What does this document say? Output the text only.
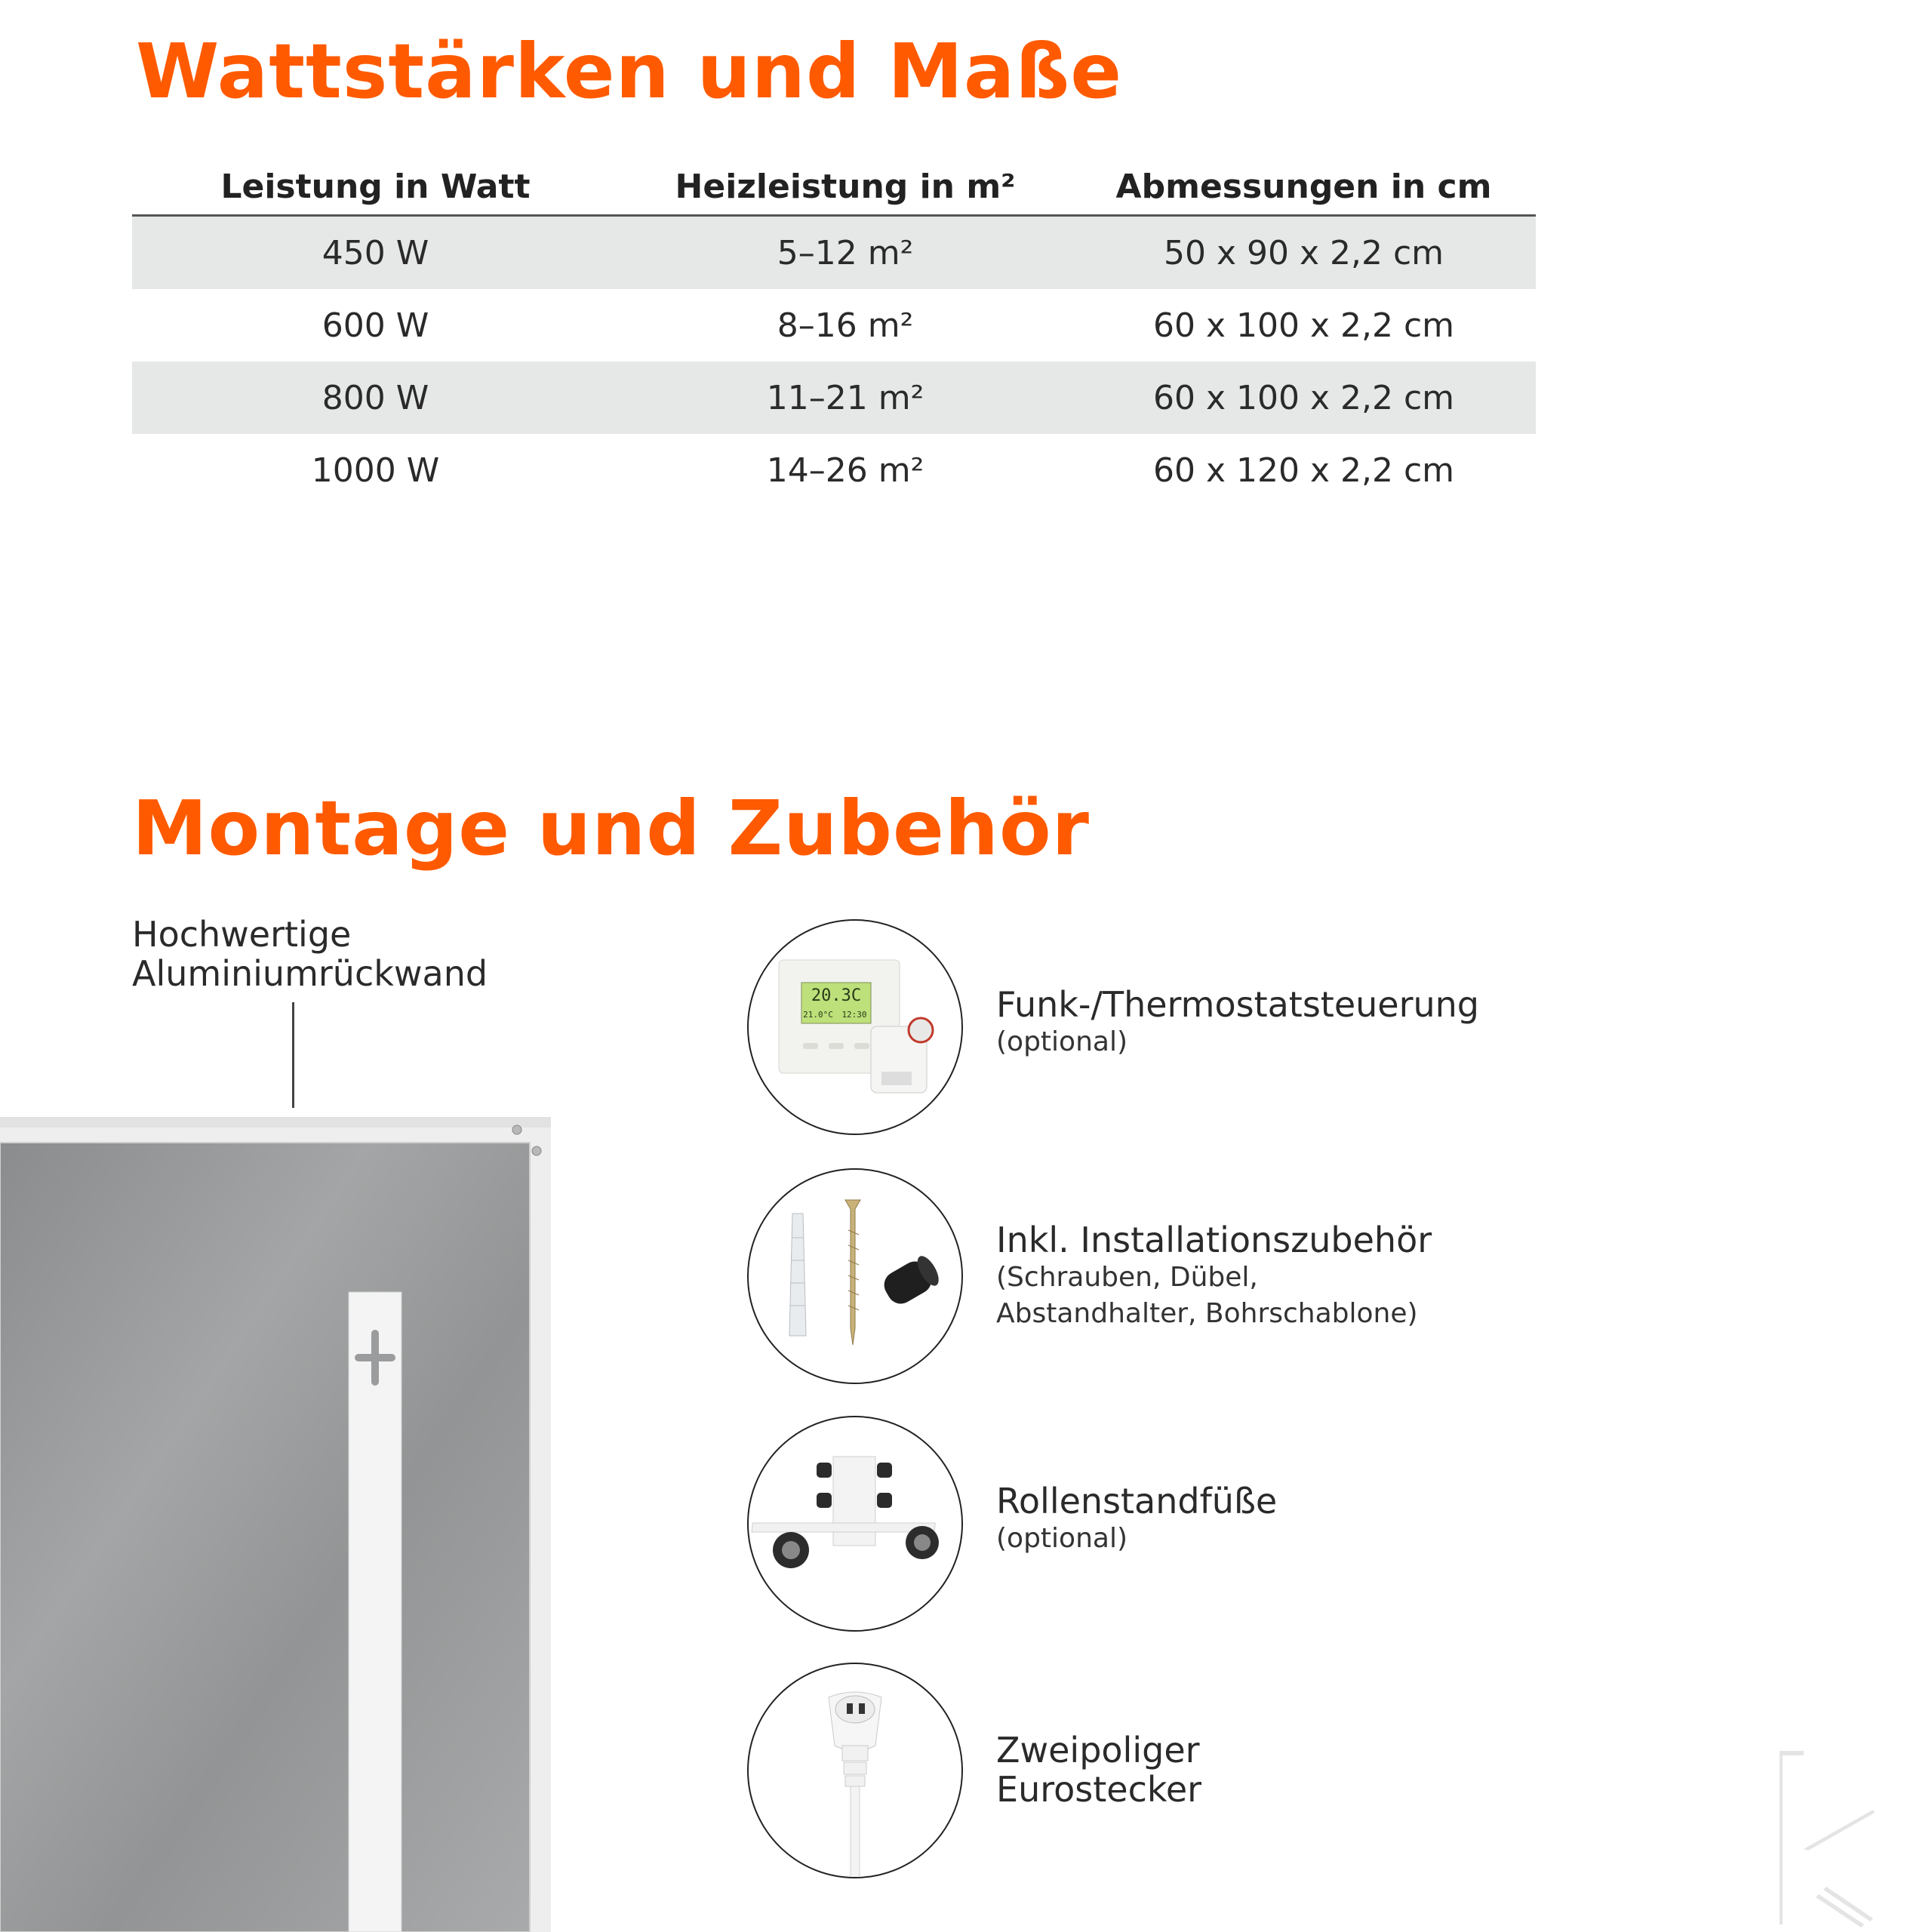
Wattstärken und Maße
Leistung in Watt	Heizleistung in m²	Abmessungen in cm
450 W	5–12 m²	50 x 90 x 2,2 cm
600 W	8–16 m²	60 x 100 x 2,2 cm
800 W	11–21 m²	60 x 100 x 2,2 cm
1000 W	14–26 m²	60 x 120 x 2,2 cm
Montage und Zubehör
Hochwertige
Aluminiumrückwand
20.3C
21.0°C 12:30	Funk-/Thermostatsteuerung
(optional)
Inkl. Installationszubehör
(Schrauben, Dübel,
Abstandhalter, Bohrschablone)
Rollenstandfüße
(optional)
Zweipoliger
Eurostecker
